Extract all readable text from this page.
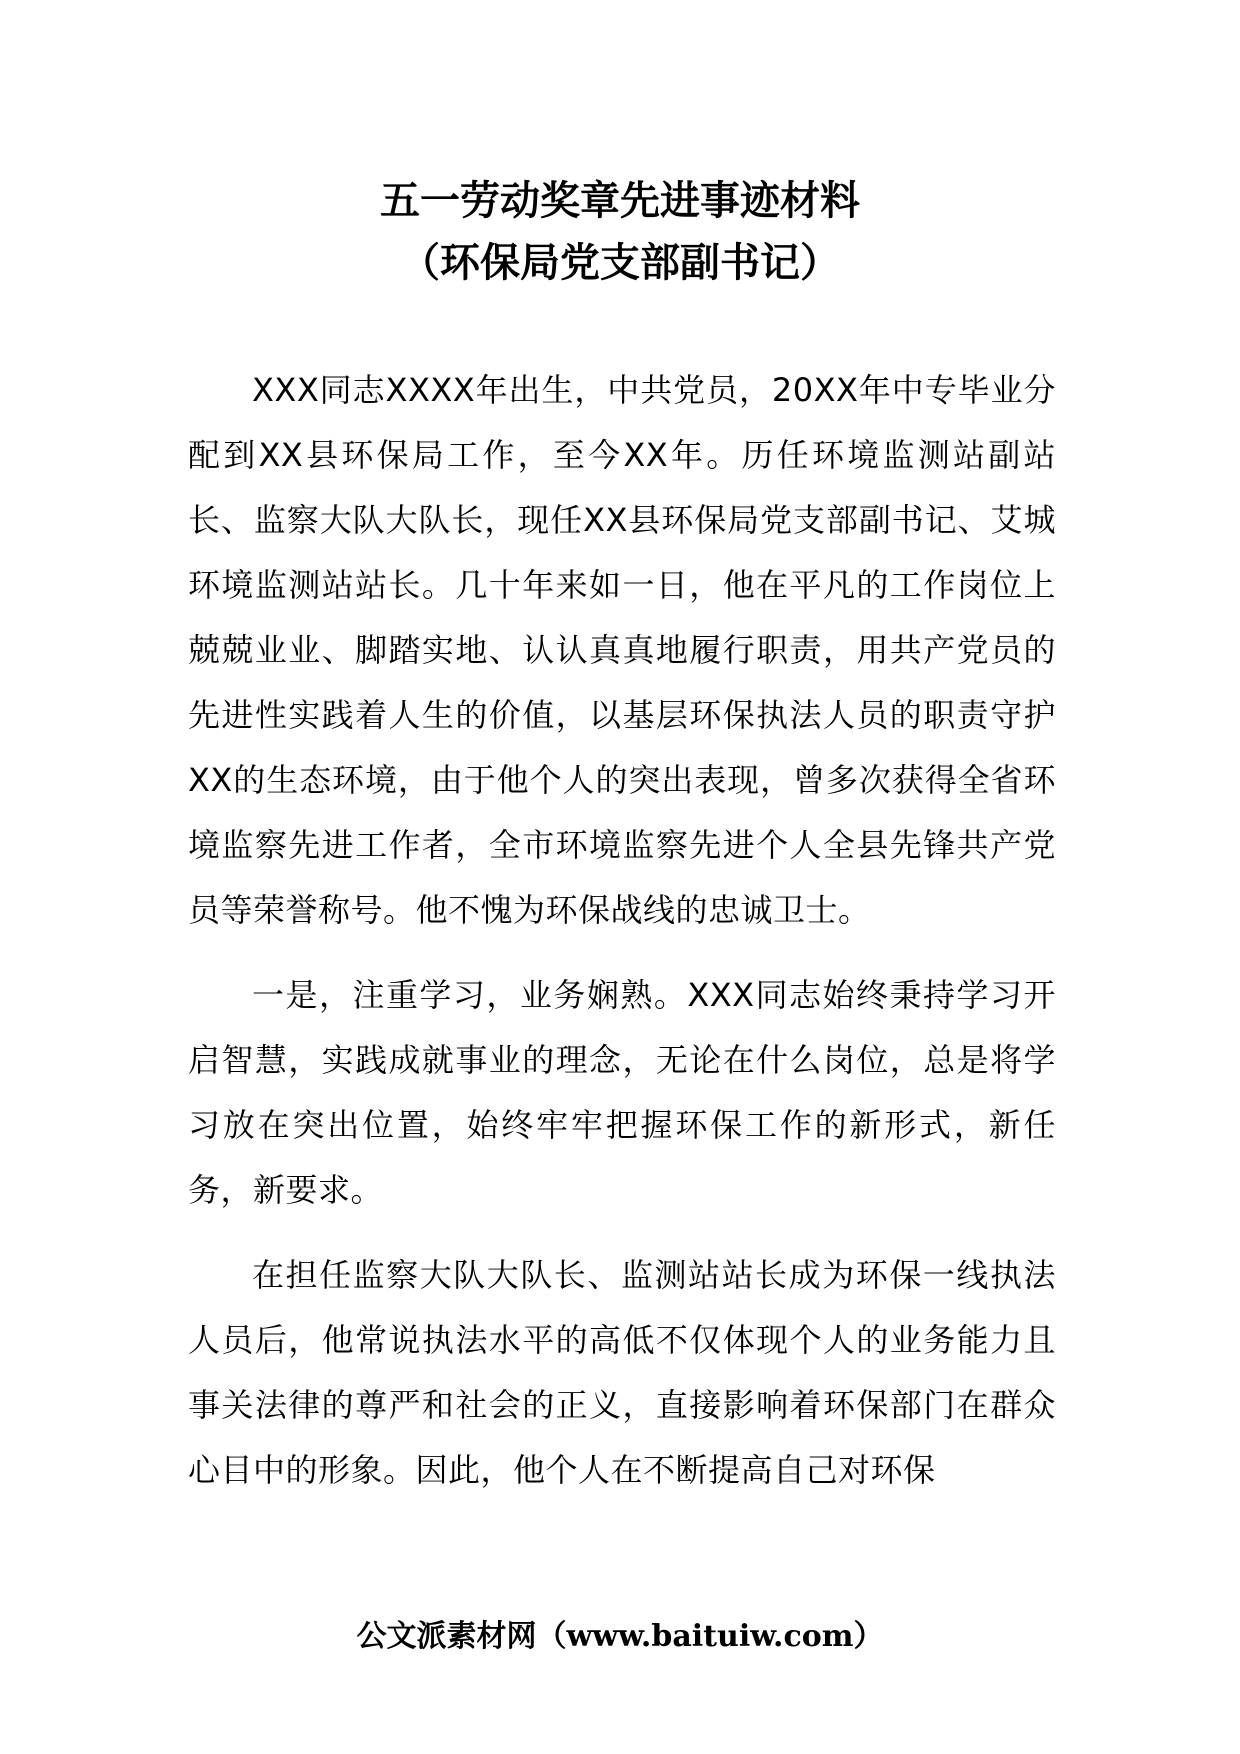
五一劳动奖章先进事迹材料
（环保局党支部副书记）

XXX同志XXXX年出生，中共党员，20XX年中专毕业分配到XX县环保局工作，至今XX年。历任环境监测站副站长、监察大队大队长，现任XX县环保局党支部副书记、艾城环境监测站站长。几十年来如一日，他在平凡的工作岗位上兢兢业业、脚踏实地、认认真真地履行职责，用共产党员的先进性实践着人生的价值，以基层环保执法人员的职责守护XX的生态环境，由于他个人的突出表现，曾多次获得全省环境监察先进工作者，全市环境监察先进个人全县先锋共产党员等荣誉称号。他不愧为环保战线的忠诚卫士。

一是，注重学习，业务娴熟。XXX同志始终秉持学习开启智慧，实践成就事业的理念，无论在什么岗位，总是将学习放在突出位置，始终牢牢把握环保工作的新形式，新任务，新要求。

在担任监察大队大队长、监测站站长成为环保一线执法人员后，他常说执法水平的高低不仅体现个人的业务能力且事关法律的尊严和社会的正义，直接影响着环保部门在群众心目中的形象。因此，他个人在不断提高自己对环保

公文派素材网（www.baituiw.com）
